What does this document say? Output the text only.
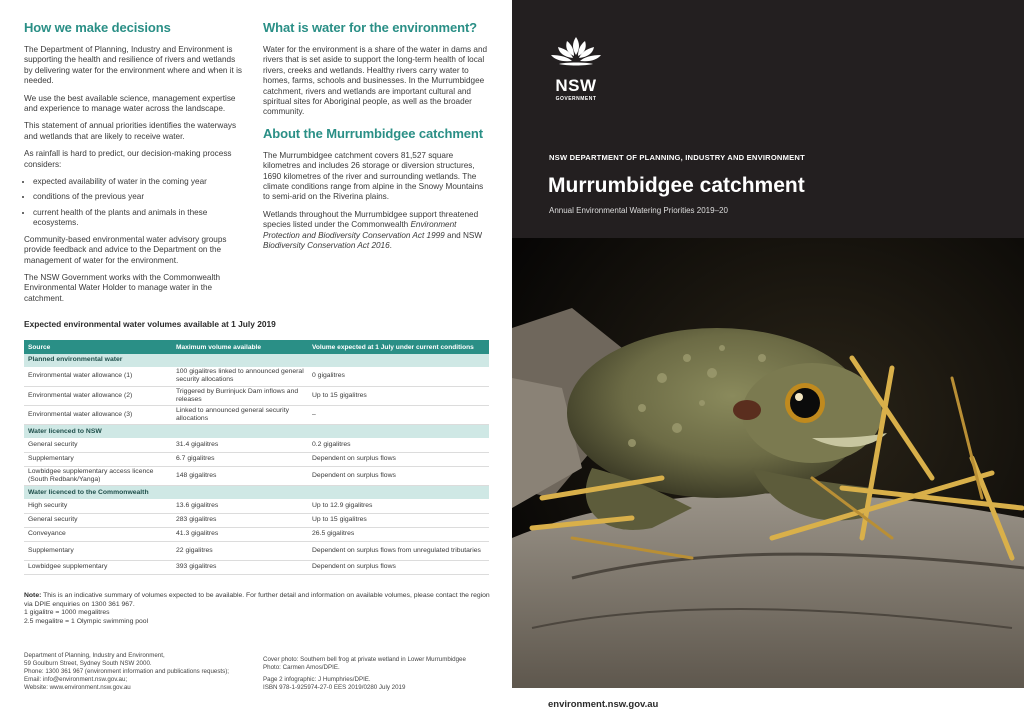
How we make decisions

The Department of Planning, Industry and Environment is supporting the health and resilience of rivers and wetlands by delivering water for the environment where and when it is needed.

We use the best available science, management expertise and experience to manage water across the landscape.

This statement of annual priorities identifies the waterways and wetlands that are likely to receive water.

As rainfall is hard to predict, our decision-making process considers:

• expected availability of water in the coming year
• conditions of the previous year
• current health of the plants and animals in these ecosystems.

Community-based environmental water advisory groups provide feedback and advice to the Department on the management of water for the environment.

The NSW Government works with the Commonwealth Environmental Water Holder to manage water in the catchment.

What is water for the environment?

Water for the environment is a share of the water in dams and rivers that is set aside to support the long-term health of local rivers, creeks and wetlands. Healthy rivers carry water to homes, farms, schools and businesses. In the Murrumbidgee catchment, rivers and wetlands are important cultural and spiritual sites for Aboriginal people, as well as the broader community.

About the Murrumbidgee catchment

The Murrumbidgee catchment covers 81,527 square kilometres and includes 26 storage or diversion structures, 1690 kilometres of the river and surrounding wetlands. The climate conditions range from alpine in the Snowy Mountains to semi-arid on the Riverina plains.

Wetlands throughout the Murrumbidgee support threatened species listed under the Commonwealth Environment Protection and Biodiversity Conservation Act 1999 and NSW Biodiversity Conservation Act 2016.

Expected environmental water volumes available at 1 July 2019
Source	Maximum volume available	Volume expected at 1 July under current conditions
Planned environmental water		
Environmental water allowance (1)	100 gigalitres linked to announced general security allocations	0 gigalitres
Environmental water allowance (2)	Triggered by Burrinjuck Dam inflows and releases	Up to 15 gigalitres
Environmental water allowance (3)	Linked to announced general security allocations	–
Water licenced to NSW		
General security	31.4 gigalitres	0.2 gigalitres
Supplementary	6.7 gigalitres	Dependent on surplus flows
Lowbidgee supplementary access licence (South Redbank/Yanga)	148 gigalitres	Dependent on surplus flows
Water licenced to the Commonwealth		
High security	13.6 gigalitres	Up to 12.9 gigalitres
General security	283 gigalitres	Up to 15 gigalitres
Conveyance	41.3 gigalitres	26.5 gigalitres
Supplementary	22 gigalitres	Dependent on surplus flows from unregulated tributaries
Lowbidgee supplementary	393 gigalitres	Dependent on surplus flows
Note: This is an indicative summary of volumes expected to be available. For further detail and information on available volumes, please contact the region via DPIE enquiries on 1300 361 967.
1 gigalitre = 1000 megalitres
2.5 megalitre = 1 Olympic swimming pool
Department of Planning, Industry and Environment,
59 Goulburn Street, Sydney South NSW 2000.
Phone: 1300 361 967 (environment information and publications requests);
Email: info@environment.nsw.gov.au;
Website: www.environment.nsw.gov.au
Cover photo: Southern bell frog at private wetland in Lower Murrumbidgee
Photo: Carmen Amos/DPIE.
Page 2 infographic: J Humphries/DPIE.
ISBN 978-1-925974-27-0 EES 2019/0280 July 2019
NSW
GOVERNMENT
NSW DEPARTMENT OF PLANNING, INDUSTRY AND ENVIRONMENT
Murrumbidgee catchment
Annual Environmental Watering Priorities 2019–20
environment.nsw.gov.au
